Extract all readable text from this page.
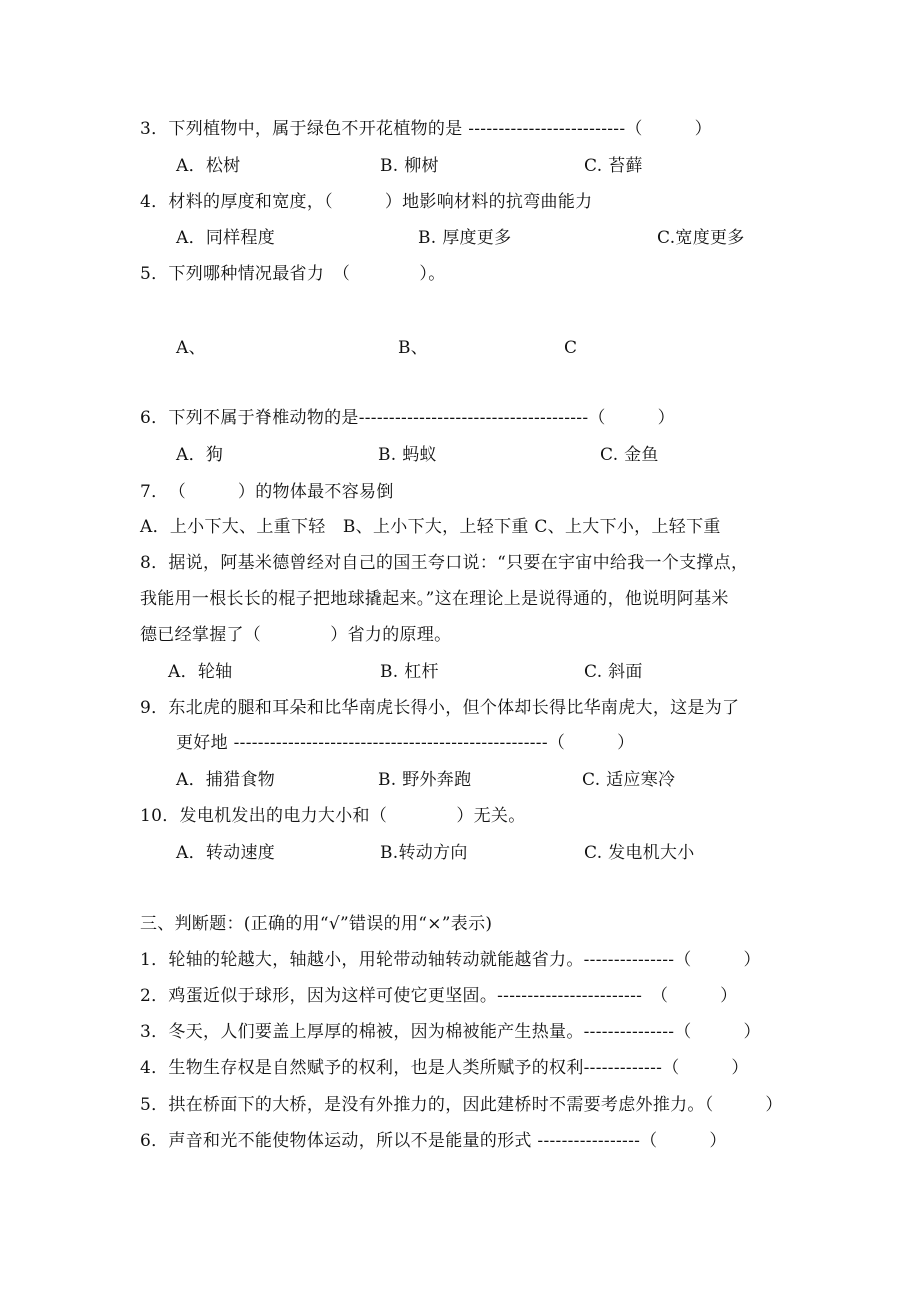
3．下列植物中，属于绿色不开花植物的是 --------------------------（　　　）
A．松树	B. 柳树	C. 苔藓
4．材料的厚度和宽度，（　　　）地影响材料的抗弯曲能力
A．同样程度	B. 厚度更多	C.宽度更多
5．下列哪种情况最省力　（　　　　）。
A、	B、	C
6．下列不属于脊椎动物的是--------------------------------------（　　　）
A．狗	B. 蚂蚁	C. 金鱼
7．　（　　　）的物体最不容易倒
A．上小下大、上重下轻　B、上小下大，上轻下重 C、上大下小，上轻下重
8．据说，阿基米德曾经对自己的国王夸口说：“只要在宇宙中给我一个支撑点，
我能用一根长长的棍子把地球撬起来。”这在理论上是说得通的，他说明阿基米
德已经掌握了（　　　　）省力的原理。
A．轮轴	B. 杠杆	C. 斜面
9．东北虎的腿和耳朵和比华南虎长得小，但个体却长得比华南虎大，这是为了
更好地 ----------------------------------------------------（　　　）
A．捕猎食物	B. 野外奔跑	C. 适应寒冷
10．发电机发出的电力大小和（　　　　）无关。
A．转动速度	B.转动方向	C. 发电机大小
三、判断题：(正确的用“√”错误的用“×”表示)
1．轮轴的轮越大，轴越小，用轮带动轴转动就能越省力。---------------（　　　）
2．鸡蛋近似于球形，因为这样可使它更坚固。------------------------　（　　　）
3．冬天，人们要盖上厚厚的棉被，因为棉被能产生热量。---------------（　　　）
4．生物生存权是自然赋予的权利，也是人类所赋予的权利-------------（　　　）
5．拱在桥面下的大桥，是没有外推力的，因此建桥时不需要考虑外推力。（　　　）
6．声音和光不能使物体运动，所以不是能量的形式 -----------------（　　　）
